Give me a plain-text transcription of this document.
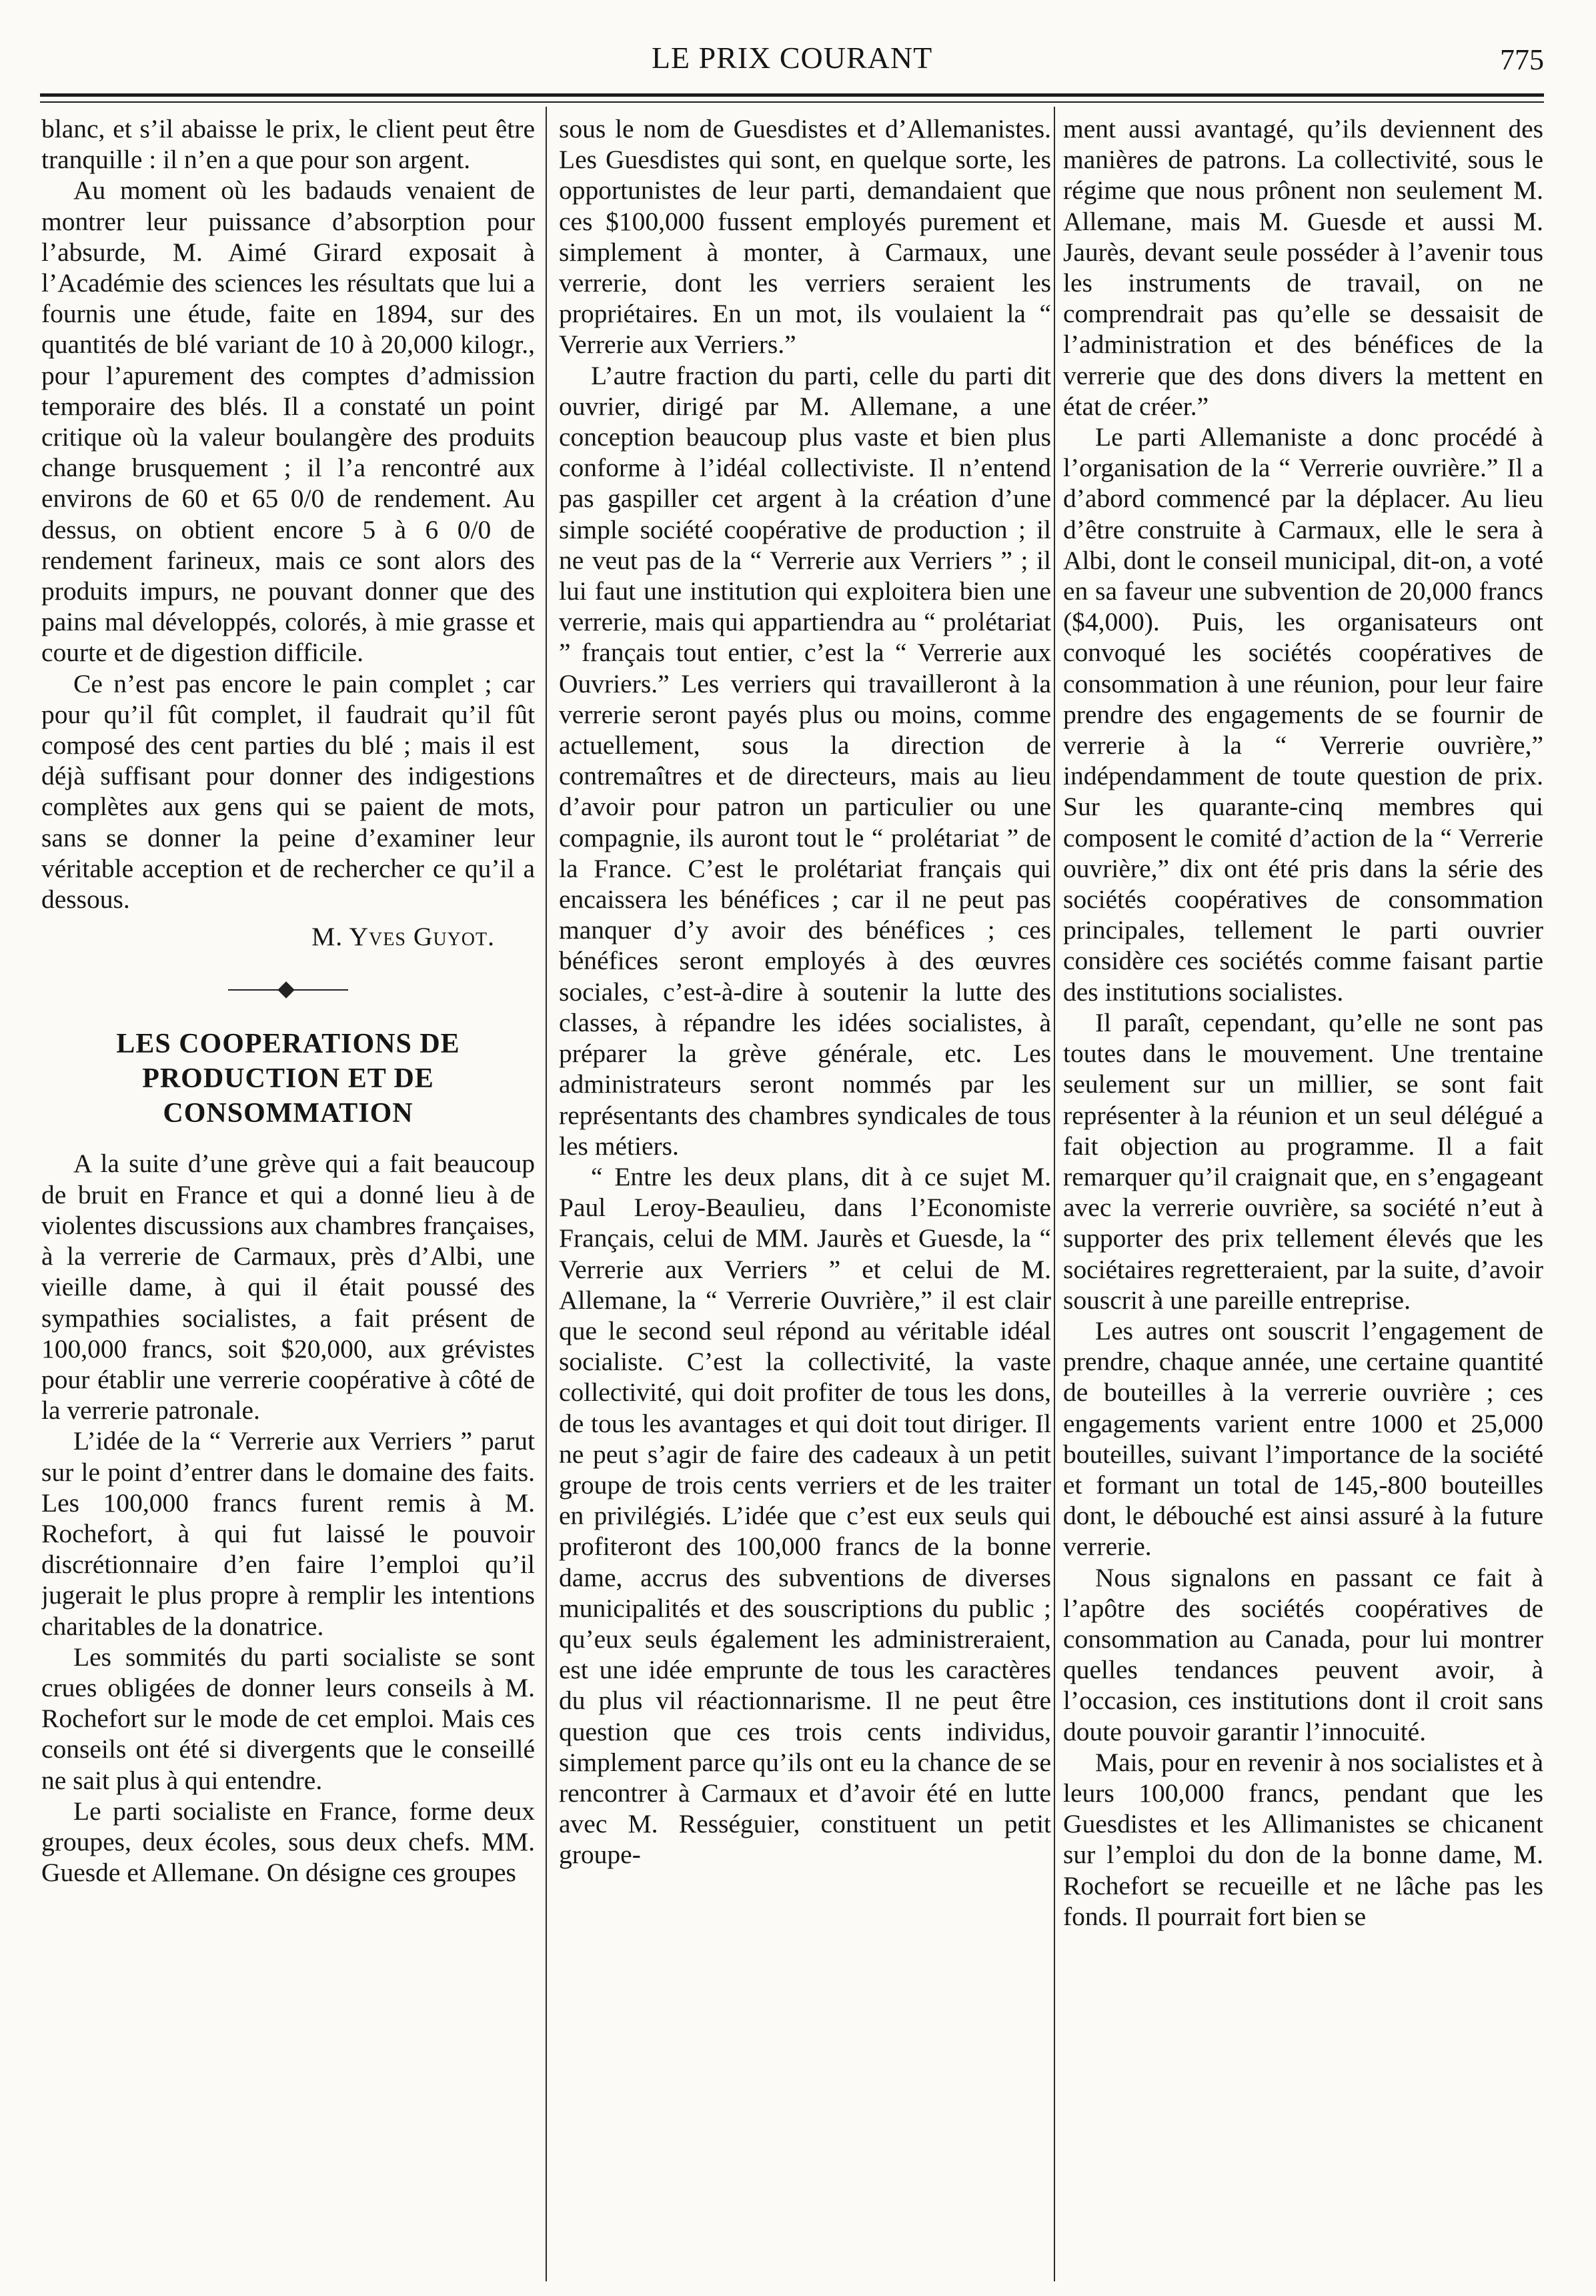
LE PRIX COURANT	775

blanc, et s’il abaisse le prix, le client peut être tranquille : il n’en a que pour son argent.

Au moment où les badauds venaient de montrer leur puissance d’absorption pour l’absurde, M. Aimé Girard exposait à l’Académie des sciences les résultats que lui a fournis une étude, faite en 1894, sur des quantités de blé variant de 10 à 20,000 kilogr., pour l’apurement des comptes d’admission temporaire des blés. Il a constaté un point critique où la valeur boulangère des produits change brusquement ; il l’a rencontré aux environs de 60 et 65 0/0 de rendement. Au dessus, on obtient encore 5 à 6 0/0 de rendement farineux, mais ce sont alors des produits impurs, ne pouvant donner que des pains mal développés, colorés, à mie grasse et courte et de digestion difficile.

Ce n’est pas encore le pain complet ; car pour qu’il fût complet, il faudrait qu’il fût composé des cent parties du blé ; mais il est déjà suffisant pour donner des indigestions complètes aux gens qui se paient de mots, sans se donner la peine d’examiner leur véritable acception et de rechercher ce qu’il a dessous.

M. Yves Guyot.
LES COOPERATIONS DE PRODUCTION ET DE CONSOMMATION

A la suite d’une grève qui a fait beaucoup de bruit en France et qui a donné lieu à de violentes discussions aux chambres françaises, à la verrerie de Carmaux, près d’Albi, une vieille dame, à qui il était poussé des sympathies socialistes, a fait présent de 100,000 francs, soit $20,000, aux grévistes pour établir une verrerie coopérative à côté de la verrerie patronale.

L’idée de la “ Verrerie aux Verriers ” parut sur le point d’entrer dans le domaine des faits. Les 100,000 francs furent remis à M. Rochefort, à qui fut laissé le pouvoir discrétionnaire d’en faire l’emploi qu’il jugerait le plus propre à remplir les intentions charitables de la donatrice.

Les sommités du parti socialiste se sont crues obligées de donner leurs conseils à M. Rochefort sur le mode de cet emploi. Mais ces conseils ont été si divergents que le conseillé ne sait plus à qui entendre.

Le parti socialiste en France, forme deux groupes, deux écoles, sous deux chefs. MM. Guesde et Allemane. On désigne ces groupes

sous le nom de Guesdistes et d’Allemanistes. Les Guesdistes qui sont, en quelque sorte, les opportunistes de leur parti, demandaient que ces $100,000 fussent employés purement et simplement à monter, à Carmaux, une verrerie, dont les verriers seraient les propriétaires. En un mot, ils voulaient la “ Verrerie aux Verriers.”

L’autre fraction du parti, celle du parti dit ouvrier, dirigé par M. Allemane, a une conception beaucoup plus vaste et bien plus conforme à l’idéal collectiviste. Il n’entend pas gaspiller cet argent à la création d’une simple société coopérative de production ; il ne veut pas de la “ Verrerie aux Verriers ” ; il lui faut une institution qui exploitera bien une verrerie, mais qui appartiendra au “ prolétariat ” français tout entier, c’est la “ Verrerie aux Ouvriers.” Les verriers qui travailleront à la verrerie seront payés plus ou moins, comme actuellement, sous la direction de contremaîtres et de directeurs, mais au lieu d’avoir pour patron un particulier ou une compagnie, ils auront tout le “ prolétariat ” de la France. C’est le prolétariat français qui encaissera les bénéfices ; car il ne peut pas manquer d’y avoir des bénéfices ; ces bénéfices seront employés à des œuvres sociales, c’est-à-dire à soutenir la lutte des classes, à répandre les idées socialistes, à préparer la grève générale, etc. Les administrateurs seront nommés par les représentants des chambres syndicales de tous les métiers.

“ Entre les deux plans, dit à ce sujet M. Paul Leroy-Beaulieu, dans l’Economiste Français, celui de MM. Jaurès et Guesde, la “ Verrerie aux Verriers ” et celui de M. Allemane, la “ Verrerie Ouvrière,” il est clair que le second seul répond au véritable idéal socialiste. C’est la collectivité, la vaste collectivité, qui doit profiter de tous les dons, de tous les avantages et qui doit tout diriger. Il ne peut s’agir de faire des cadeaux à un petit groupe de trois cents verriers et de les traiter en privilégiés. L’idée que c’est eux seuls qui profiteront des 100,000 francs de la bonne dame, accrus des subventions de diverses municipalités et des souscriptions du public ; qu’eux seuls également les administreraient, est une idée emprunte de tous les caractères du plus vil réactionnarisme. Il ne peut être question que ces trois cents individus, simplement parce qu’ils ont eu la chance de se rencontrer à Carmaux et d’avoir été en lutte avec M. Rességuier, constituent un petit groupe-

ment aussi avantagé, qu’ils deviennent des manières de patrons. La collectivité, sous le régime que nous prônent non seulement M. Allemane, mais M. Guesde et aussi M. Jaurès, devant seule posséder à l’avenir tous les instruments de travail, on ne comprendrait pas qu’elle se dessaisit de l’administration et des bénéfices de la verrerie que des dons divers la mettent en état de créer.”

Le parti Allemaniste a donc procédé à l’organisation de la “ Verrerie ouvrière.” Il a d’abord commencé par la déplacer. Au lieu d’être construite à Carmaux, elle le sera à Albi, dont le conseil municipal, dit-on, a voté en sa faveur une subvention de 20,000 francs ($4,000). Puis, les organisateurs ont convoqué les sociétés coopératives de consommation à une réunion, pour leur faire prendre des engagements de se fournir de verrerie à la “ Verrerie ouvrière,” indépendamment de toute question de prix. Sur les quarante-cinq membres qui composent le comité d’action de la “ Verrerie ouvrière,” dix ont été pris dans la série des sociétés coopératives de consommation principales, tellement le parti ouvrier considère ces sociétés comme faisant partie des institutions socialistes.

Il paraît, cependant, qu’elle ne sont pas toutes dans le mouvement. Une trentaine seulement sur un millier, se sont fait représenter à la réunion et un seul délégué a fait objection au programme. Il a fait remarquer qu’il craignait que, en s’engageant avec la verrerie ouvrière, sa société n’eut à supporter des prix tellement élevés que les sociétaires regretteraient, par la suite, d’avoir souscrit à une pareille entreprise.

Les autres ont souscrit l’engagement de prendre, chaque année, une certaine quantité de bouteilles à la verrerie ouvrière ; ces engagements varient entre 1000 et 25,000 bouteilles, suivant l’importance de la société et formant un total de 145,-800 bouteilles dont, le débouché est ainsi assuré à la future verrerie.

Nous signalons en passant ce fait à l’apôtre des sociétés coopératives de consommation au Canada, pour lui montrer quelles tendances peuvent avoir, à l’occasion, ces institutions dont il croit sans doute pouvoir garantir l’innocuité.

Mais, pour en revenir à nos socialistes et à leurs 100,000 francs, pendant que les Guesdistes et les Allimanistes se chicanent sur l’emploi du don de la bonne dame, M. Rochefort se recueille et ne lâche pas les fonds. Il pourrait fort bien se
